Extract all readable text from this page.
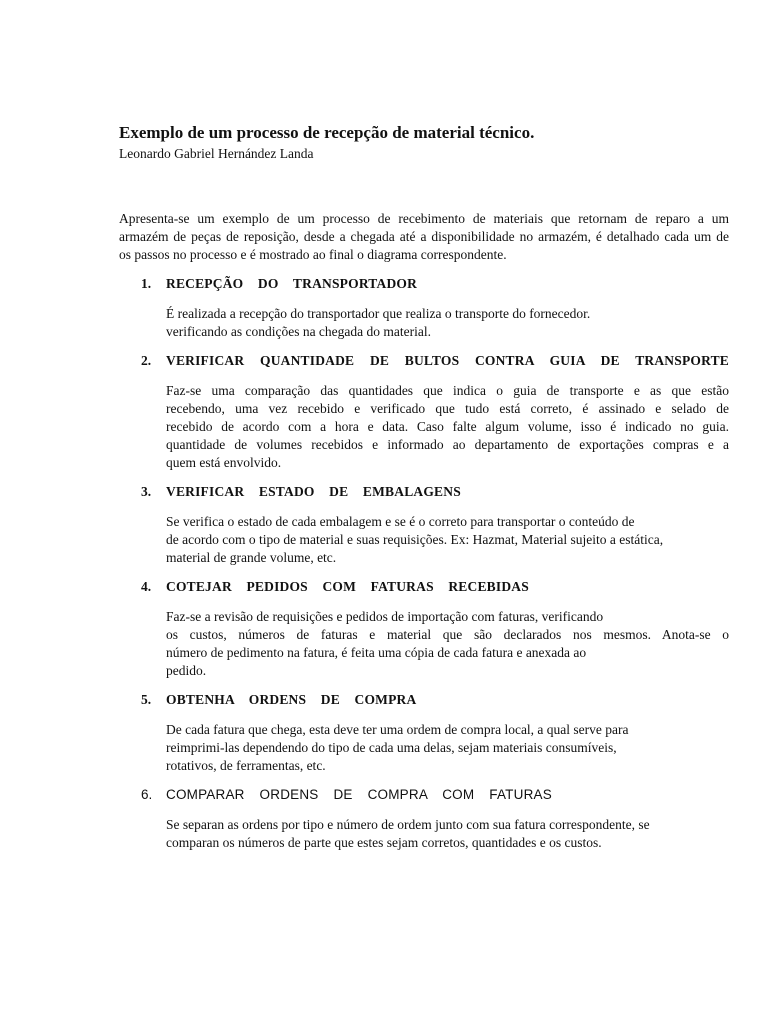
Exemplo de um processo de recepção de material técnico.

Leonardo Gabriel Hernández Landa

Apresenta-se um exemplo de um processo de recebimento de materiais que retornam de reparo a um
armazém de peças de reposição, desde a chegada até a disponibilidade no armazém, é detalhado cada um de
os passos no processo e é mostrado ao final o diagrama correspondente.
1.	RECEPÇÃO DO TRANSPORTADOR
É realizada a recepção do transportador que realiza o transporte do fornecedor.
verificando as condições na chegada do material.
2.	VERIFICAR QUANTIDADE DE BULTOS CONTRA GUIA DE TRANSPORTE
Faz-se uma comparação das quantidades que indica o guia de transporte e as que estão
recebendo, uma vez recebido e verificado que tudo está correto, é assinado e selado de
recebido de acordo com a hora e data. Caso falte algum volume, isso é indicado no guia.
quantidade de volumes recebidos e informado ao departamento de exportações compras e a
quem está envolvido.
3.	VERIFICAR ESTADO DE EMBALAGENS
Se verifica o estado de cada embalagem e se é o correto para transportar o conteúdo de
de acordo com o tipo de material e suas requisições. Ex: Hazmat, Material sujeito a estática,
material de grande volume, etc.
4.	COTEJAR PEDIDOS COM FATURAS RECEBIDAS
Faz-se a revisão de requisições e pedidos de importação com faturas, verificando
os custos, números de faturas e material que são declarados nos mesmos. Anota-se o
número de pedimento na fatura, é feita uma cópia de cada fatura e anexada ao
pedido.
5.	OBTENHA ORDENS DE COMPRA
De cada fatura que chega, esta deve ter uma ordem de compra local, a qual serve para
reimprimi-las dependendo do tipo de cada uma delas, sejam materiais consumíveis,
rotativos, de ferramentas, etc.
6.	COMPARAR ORDENS DE COMPRA COM FATURAS
Se separan as ordens por tipo e número de ordem junto com sua fatura correspondente, se
comparan os números de parte que estes sejam corretos, quantidades e os custos.
